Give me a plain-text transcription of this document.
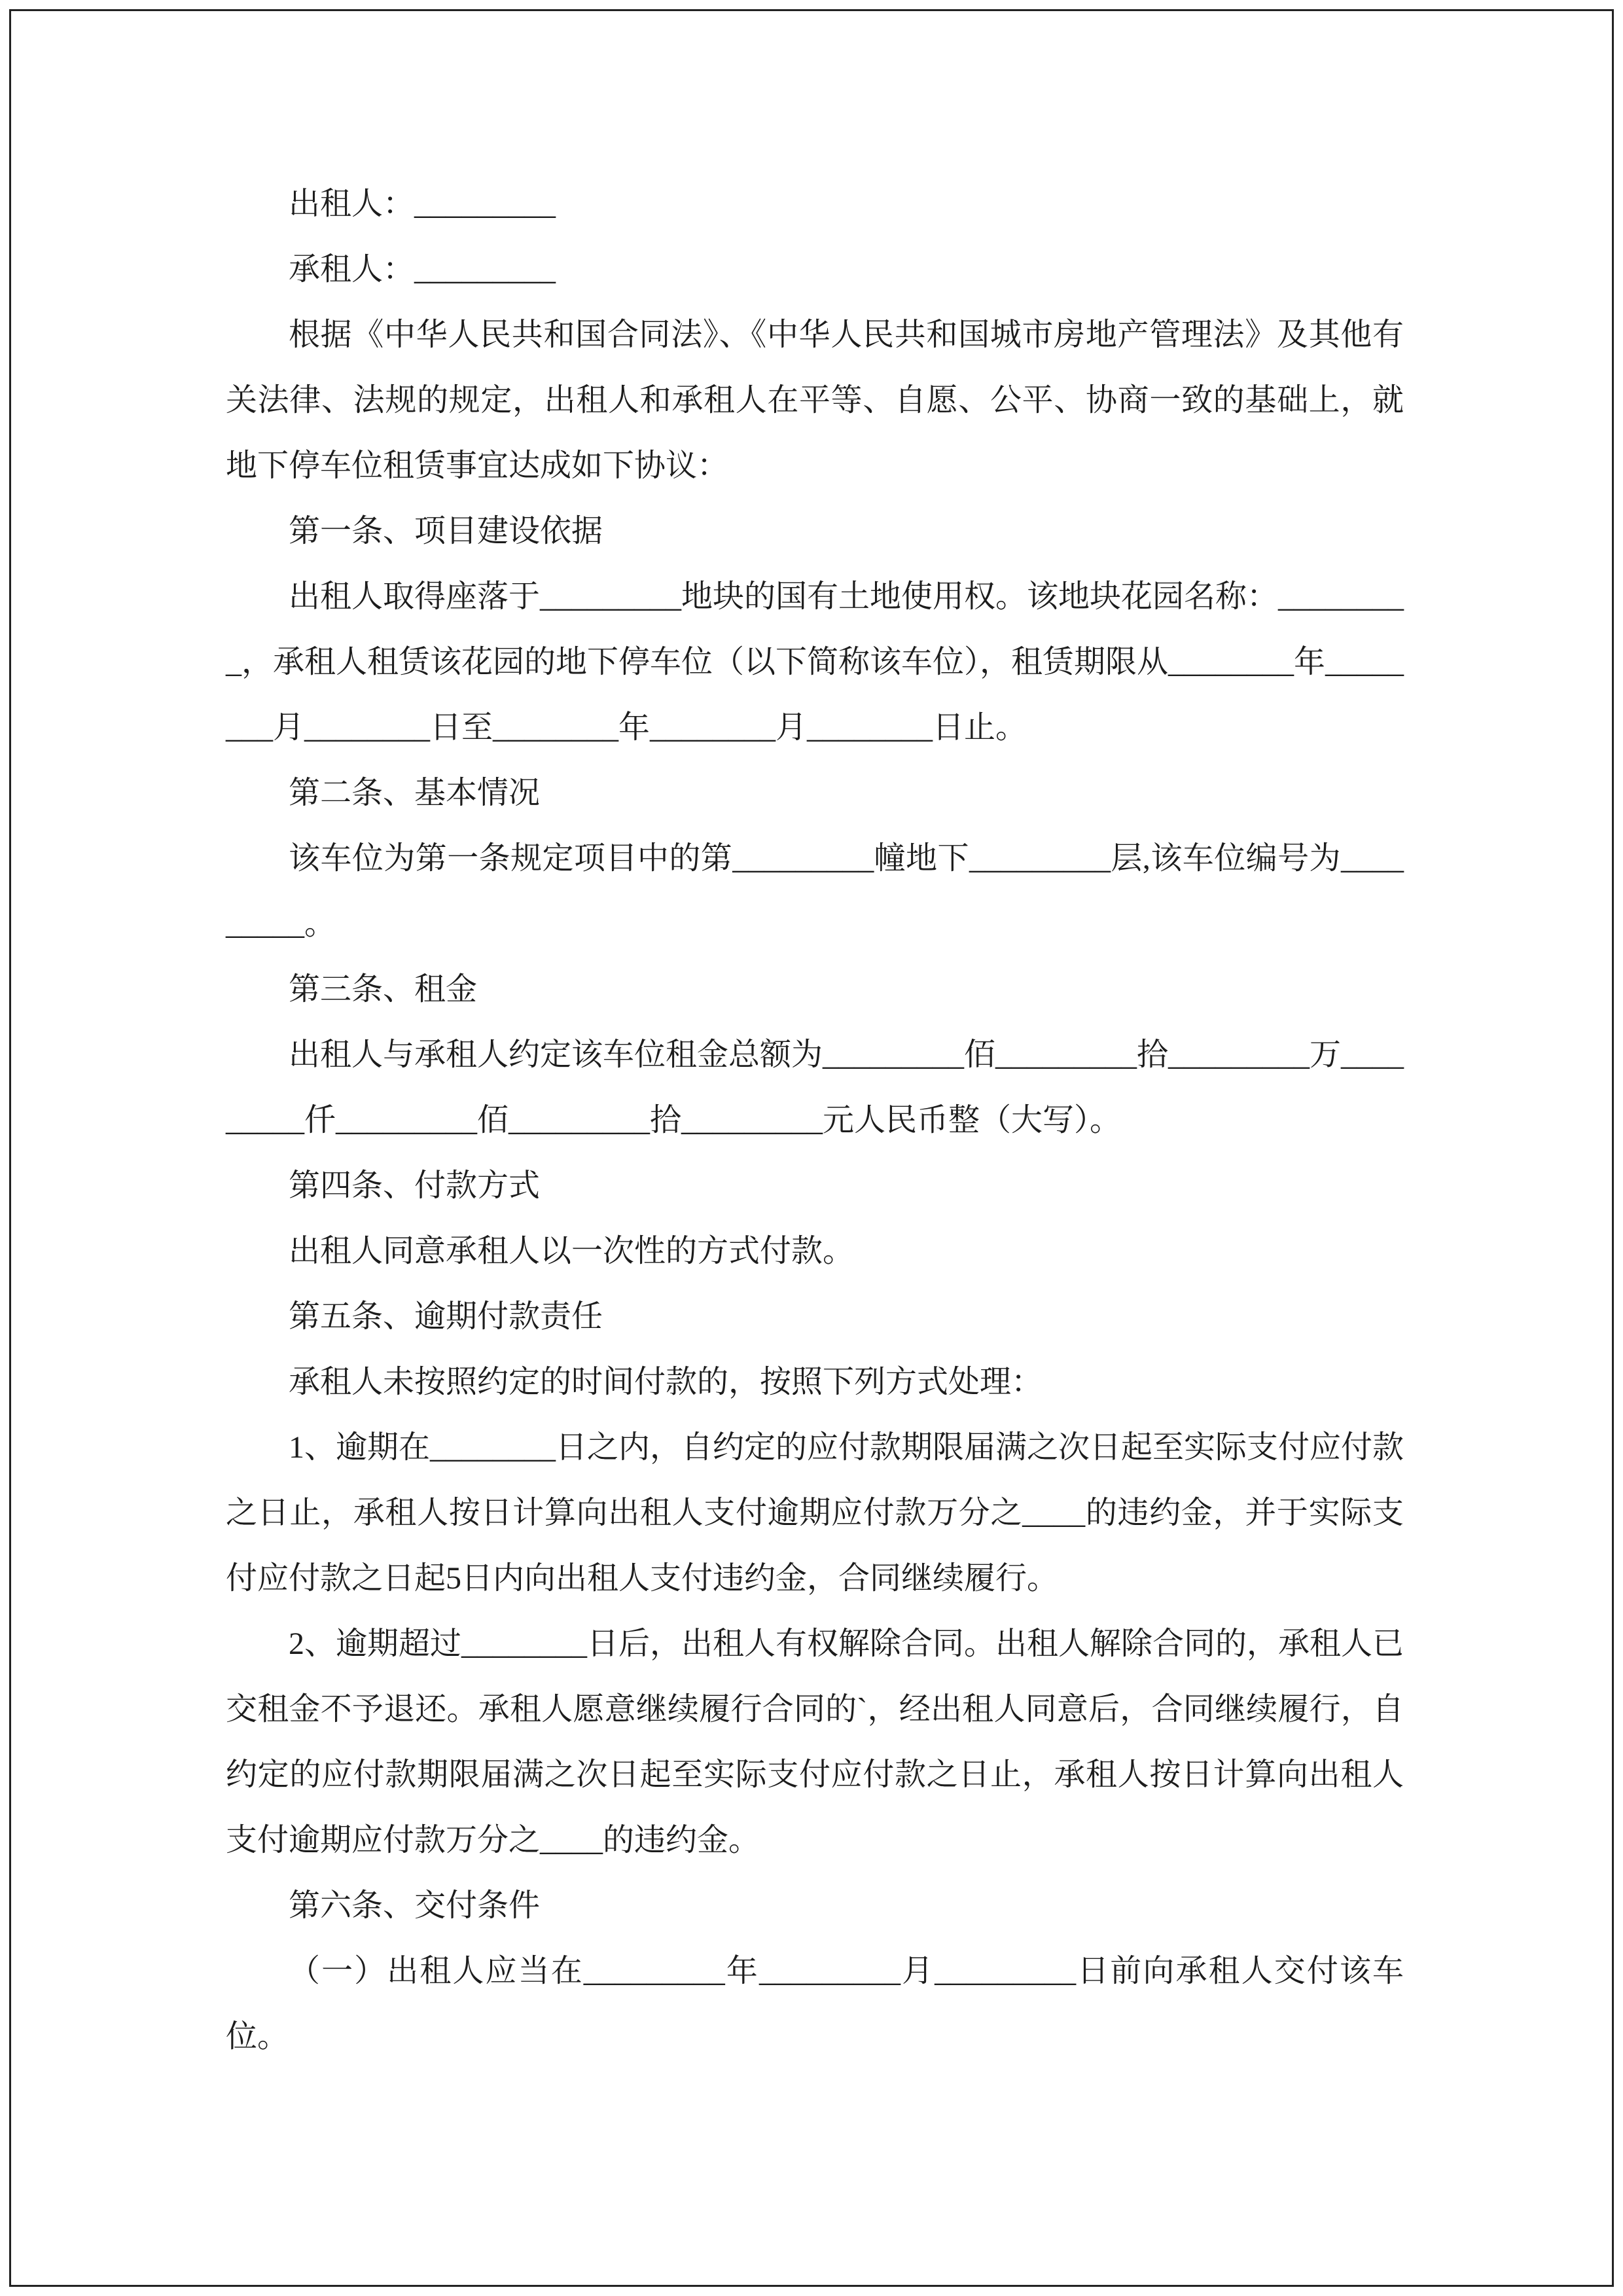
出租人：_________

承租人：_________

根据《中华人民共和国合同法》、《中华人民共和国城市房地产管理法》及其他有关法律、法规的规定，出租人和承租人在平等、自愿、公平、协商一致的基础上，就地下停车位租赁事宜达成如下协议：

第一条、项目建设依据

出租人取得座落于_________地块的国有土地使用权。该地块花园名称：_________，承租人租赁该花园的地下停车位（以下简称该车位），租赁期限从________年________月________日至________年________月________日止。

第二条、基本情况

该车位为第一条规定项目中的第_________幢地下_________层,该车位编号为_________。

第三条、租金

出租人与承租人约定该车位租金总额为_________佰_________拾_________万_________仟_________佰_________拾_________元人民币整（大写）。

第四条、付款方式

出租人同意承租人以一次性的方式付款。

第五条、逾期付款责任

承租人未按照约定的时间付款的，按照下列方式处理：

1、逾期在________日之内，自约定的应付款期限届满之次日起至实际支付应付款之日止，承租人按日计算向出租人支付逾期应付款万分之____的违约金，并于实际支付应付款之日起5日内向出租人支付违约金，合同继续履行。

2、逾期超过________日后，出租人有权解除合同。出租人解除合同的，承租人已交租金不予退还。承租人愿意继续履行合同的`，经出租人同意后，合同继续履行，自约定的应付款期限届满之次日起至实际支付应付款之日止，承租人按日计算向出租人支付逾期应付款万分之____的违约金。

第六条、交付条件

（一）出租人应当在_________年_________月_________日前向承租人交付该车位。
